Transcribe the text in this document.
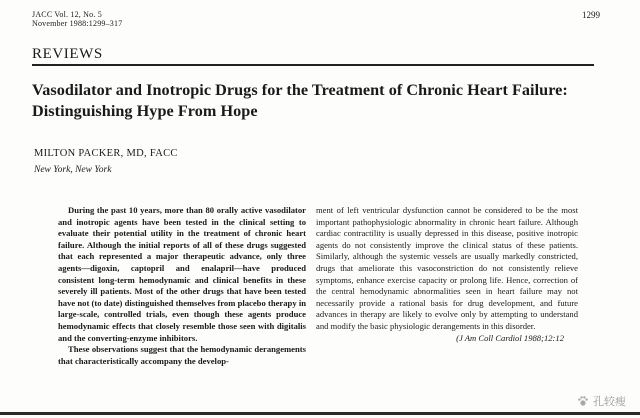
JACC Vol. 12, No. 5
November 1988:1299–317
1299
REVIEWS
Vasodilator and Inotropic Drugs for the Treatment of Chronic Heart Failure: Distinguishing Hype From Hope
MILTON PACKER, MD, FACC
New York, New York

During the past 10 years, more than 80 orally active vasodilator and inotropic agents have been tested in the clinical setting to evaluate their potential utility in the treatment of chronic heart failure. Although the initial reports of all of these drugs suggested that each represented a major therapeutic advance, only three agents—digoxin, captopril and enalapril—have produced consistent long-term hemodynamic and clinical benefits in these severely ill patients. Most of the other drugs that have been tested have not (to date) distinguished themselves from placebo therapy in large-scale, controlled trials, even though these agents produce hemodynamic effects that closely resemble those seen with digitalis and the converting-enzyme inhibitors.

These observations suggest that the hemodynamic derangements that characteristically accompany the develop-

ment of left ventricular dysfunction cannot be considered to be the most important pathophysiologic abnormality in chronic heart failure. Although cardiac contractility is usually depressed in this disease, positive inotropic agents do not consistently improve the clinical status of these patients. Similarly, although the systemic vessels are usually markedly constricted, drugs that ameliorate this vasoconstriction do not consistently relieve symptoms, enhance exercise capacity or prolong life. Hence, correction of the central hemodynamic abnormalities seen in heart failure may not necessarily provide a rational basis for drug development, and future advances in therapy are likely to evolve only by attempting to understand and modify the basic physiologic derangements in this disorder.

(J Am Coll Cardiol 1988;12:12

孔较瘦
